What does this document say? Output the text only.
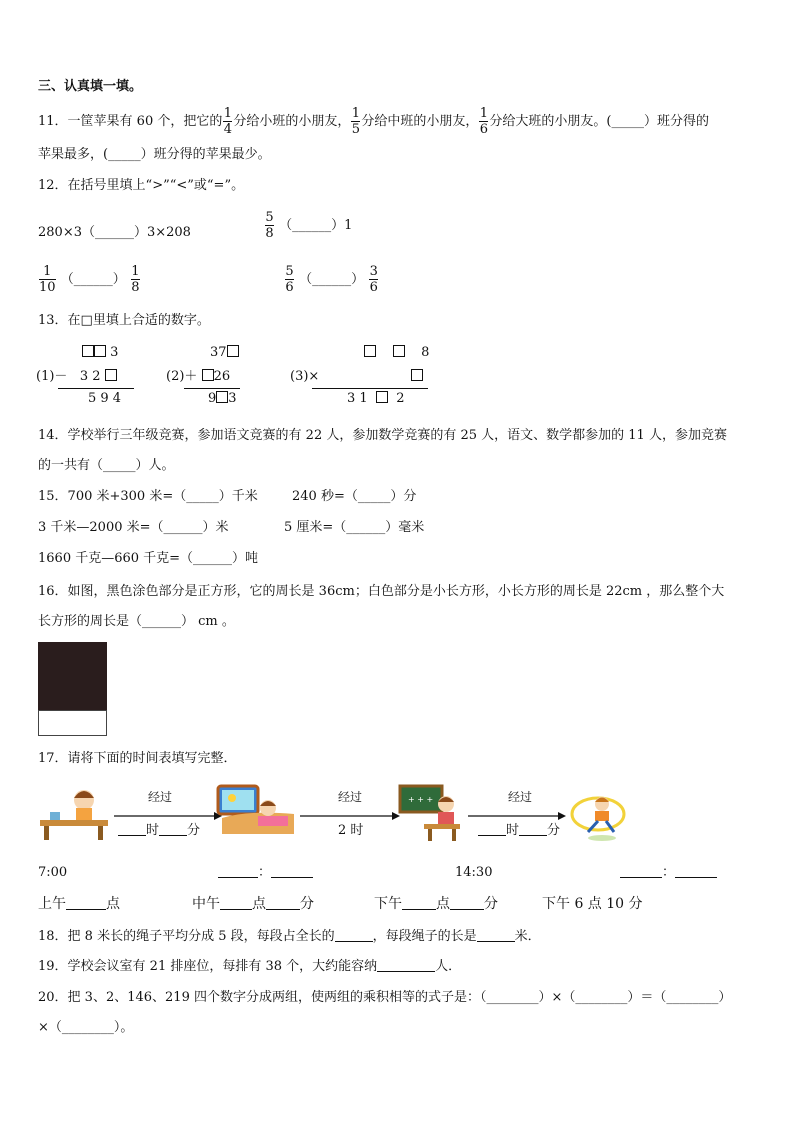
三、认真填一填。
11．一筐苹果有 60 个，把它的 $\frac{1}{4}$ 分给小班的小朋友， $\frac{1}{5}$ 分给中班的小朋友， $\frac{1}{6}$ 分给大班的小朋友。(_____）班分得的
苹果最多，(_____）班分得的苹果最少。
12．在括号里填上“>”“<”或“=”。
280×3（______）3×208	$\frac{5}{8}$ （______）1
$\frac{1}{10}$ （______） $\frac{1}{8}$	$\frac{5}{6}$ （______） $\frac{3}{6}$
13．在□里填上合适的数字。
3
(1)－ 3 2
5 9 4
37
(2)＋ 26
9 3
8
(3)×
3 1 2
14．学校举行三年级竞赛，参加语文竞赛的有 22 人，参加数学竞赛的有 25 人，语文、数学都参加的 11 人，参加竞赛
的一共有（_____）人。
15．700 米+300 米=（_____）千米	240 秒=（_____）分
3 千米—2000 米=（______）米	5 厘米=（______）毫米
1660 千克—660 千克=（______）吨
16．如图，黑色涂色部分是正方形，它的周长是 36cm；白色部分是小长方形，小长方形的周长是 22cm ，那么整个大
长方形的周长是（______） cm 。
17．请将下面的时间表填写完整．
+ + +
经过	经过	经过
时 分	2 时	时 分
7:00	：	14:30	：
上午	点	中午 点 分	下午 点 分	下午 6 点 10 分
18．把 8 米长的绳子平均分成 5 段，每段占全长的	，每段绳子的长是	米．
19．学校会议室有 21 排座位，每排有 38 个，大约能容纳	人．
20．把 3、2、146、219 四个数字分成两组，使两组的乘积相等的式子是：（________）×（________）＝（________）
×（________）。
